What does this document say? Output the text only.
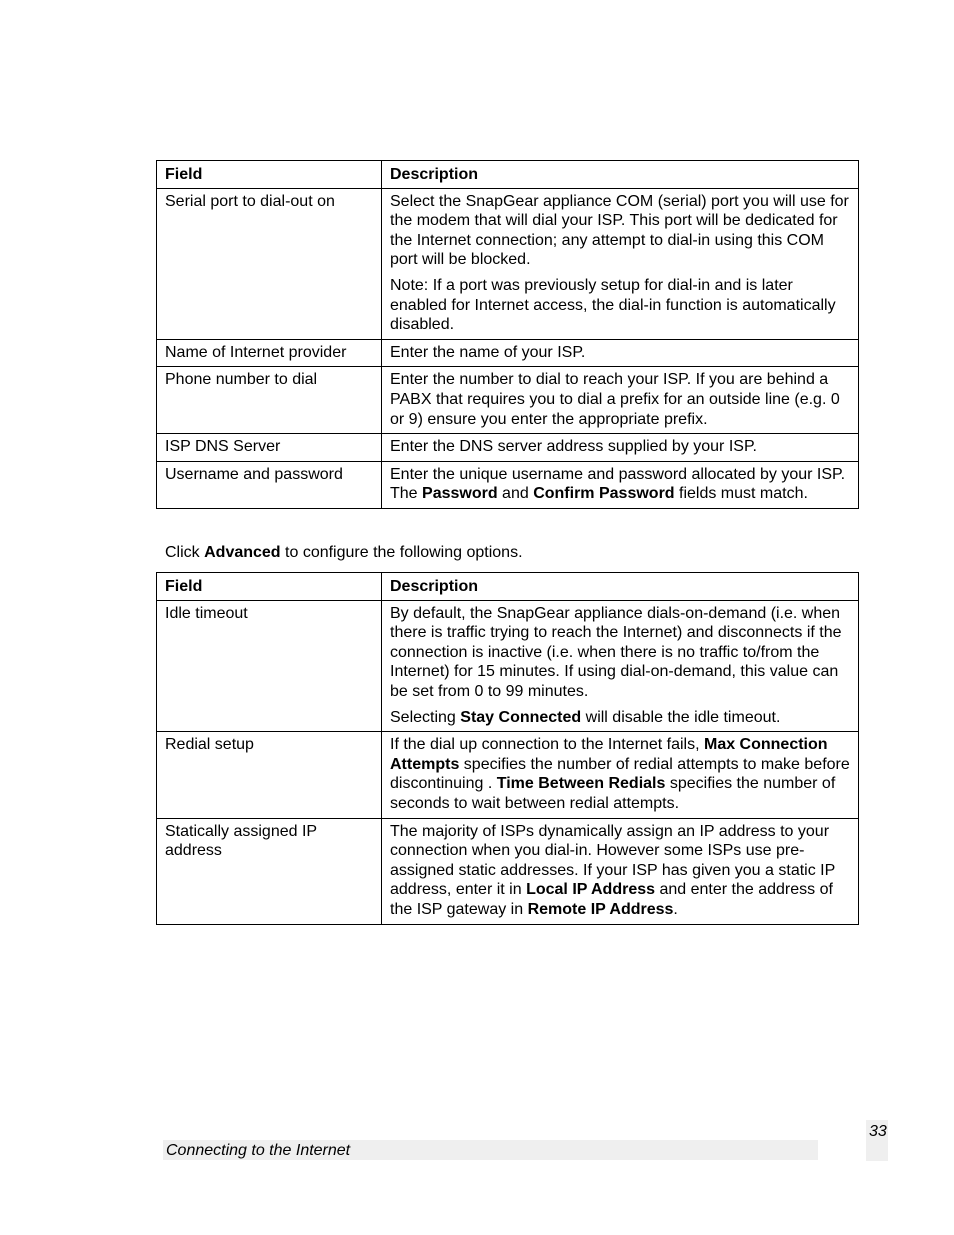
Field	Description
Serial port to dial-out on	Select the SnapGear appliance COM (serial) port you will use for the modem that will dial your ISP. This port will be dedicated for the Internet connection; any attempt to dial-in using this COM port will be blocked.
Note: If a port was previously setup for dial-in and is later enabled for Internet access, the dial-in function is automatically disabled.

Name of Internet provider	Enter the name of your ISP.

Phone number to dial	Enter the number to dial to reach your ISP. If you are behind a PABX that requires you to dial a prefix for an outside line (e.g. 0 or 9) ensure you enter the appropriate prefix.

ISP DNS Server	Enter the DNS server address supplied by your ISP.

Username and password	Enter the unique username and password allocated by your ISP. The Password and Confirm Password fields must match.

Click Advanced to configure the following options.

Field	Description
Idle timeout	By default, the SnapGear appliance dials-on-demand (i.e. when there is traffic trying to reach the Internet) and disconnects if the connection is inactive (i.e. when there is no traffic to/from the Internet) for 15 minutes. If using dial-on-demand, this value can be set from 0 to 99 minutes.
Selecting Stay Connected will disable the idle timeout.

Redial setup	If the dial up connection to the Internet fails, Max Connection Attempts specifies the number of redial attempts to make before discontinuing . Time Between Redials specifies the number of seconds to wait between redial attempts.

Statically assigned IP address	The majority of ISPs dynamically assign an IP address to your connection when you dial-in. However some ISPs use pre-assigned static addresses. If your ISP has given you a static IP address, enter it in Local IP Address and enter the address of the ISP gateway in Remote IP Address.
Connecting to the Internet
33
